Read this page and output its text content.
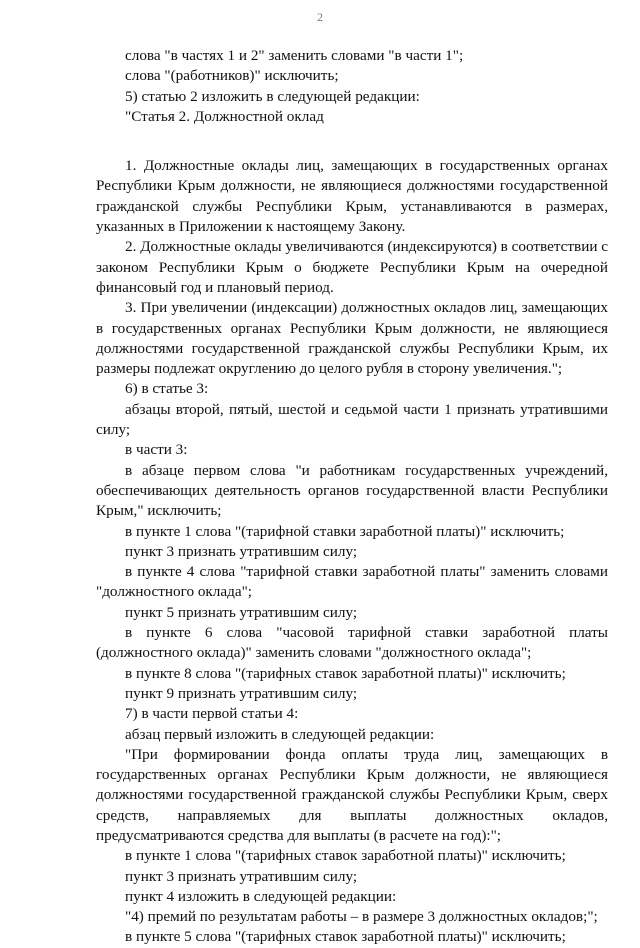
2

слова "в частях 1 и 2" заменить словами "в части 1";

слова "(работников)" исключить;

5) статью 2 изложить в следующей редакции:

"Статья 2. Должностной оклад

1. Должностные оклады лиц, замещающих в государственных органах Республики Крым должности, не являющиеся должностями государственной гражданской службы Республики Крым, устанавливаются в размерах, указанных в Приложении к настоящему Закону.

2. Должностные оклады увеличиваются (индексируются) в соответствии с законом Республики Крым о бюджете Республики Крым на очередной финансовый год и плановый период.

3. При увеличении (индексации) должностных окладов лиц, замещающих в государственных органах Республики Крым должности, не являющиеся должностями государственной гражданской службы Республики Крым, их размеры подлежат округлению до целого рубля в сторону увеличения.";

6) в статье 3:

абзацы второй, пятый, шестой и седьмой части 1 признать утратившими силу;

в части 3:

в абзаце первом слова "и работникам государственных учреждений, обеспечивающих деятельность органов государственной власти Республики Крым," исключить;

в пункте 1 слова "(тарифной ставки заработной платы)" исключить;

пункт 3 признать утратившим силу;

в пункте 4 слова "тарифной ставки заработной платы" заменить словами "должностного оклада";

пункт 5 признать утратившим силу;

в пункте 6 слова "часовой тарифной ставки заработной платы (должностного оклада)" заменить словами "должностного оклада";

в пункте 8 слова "(тарифных ставок заработной платы)" исключить;

пункт 9 признать утратившим силу;

7) в части первой статьи 4:

абзац первый изложить в следующей редакции:

"При формировании фонда оплаты труда лиц, замещающих в государственных органах Республики Крым должности, не являющиеся должностями государственной гражданской службы Республики Крым, сверх средств, направляемых для выплаты должностных окладов, предусматриваются средства для выплаты (в расчете на год):";

в пункте 1 слова "(тарифных ставок заработной платы)" исключить;

пункт 3 признать утратившим силу;

пункт 4 изложить в следующей редакции:

"4) премий по результатам работы – в размере 3 должностных окладов;";

в пункте 5 слова "(тарифных ставок заработной платы)" исключить;
